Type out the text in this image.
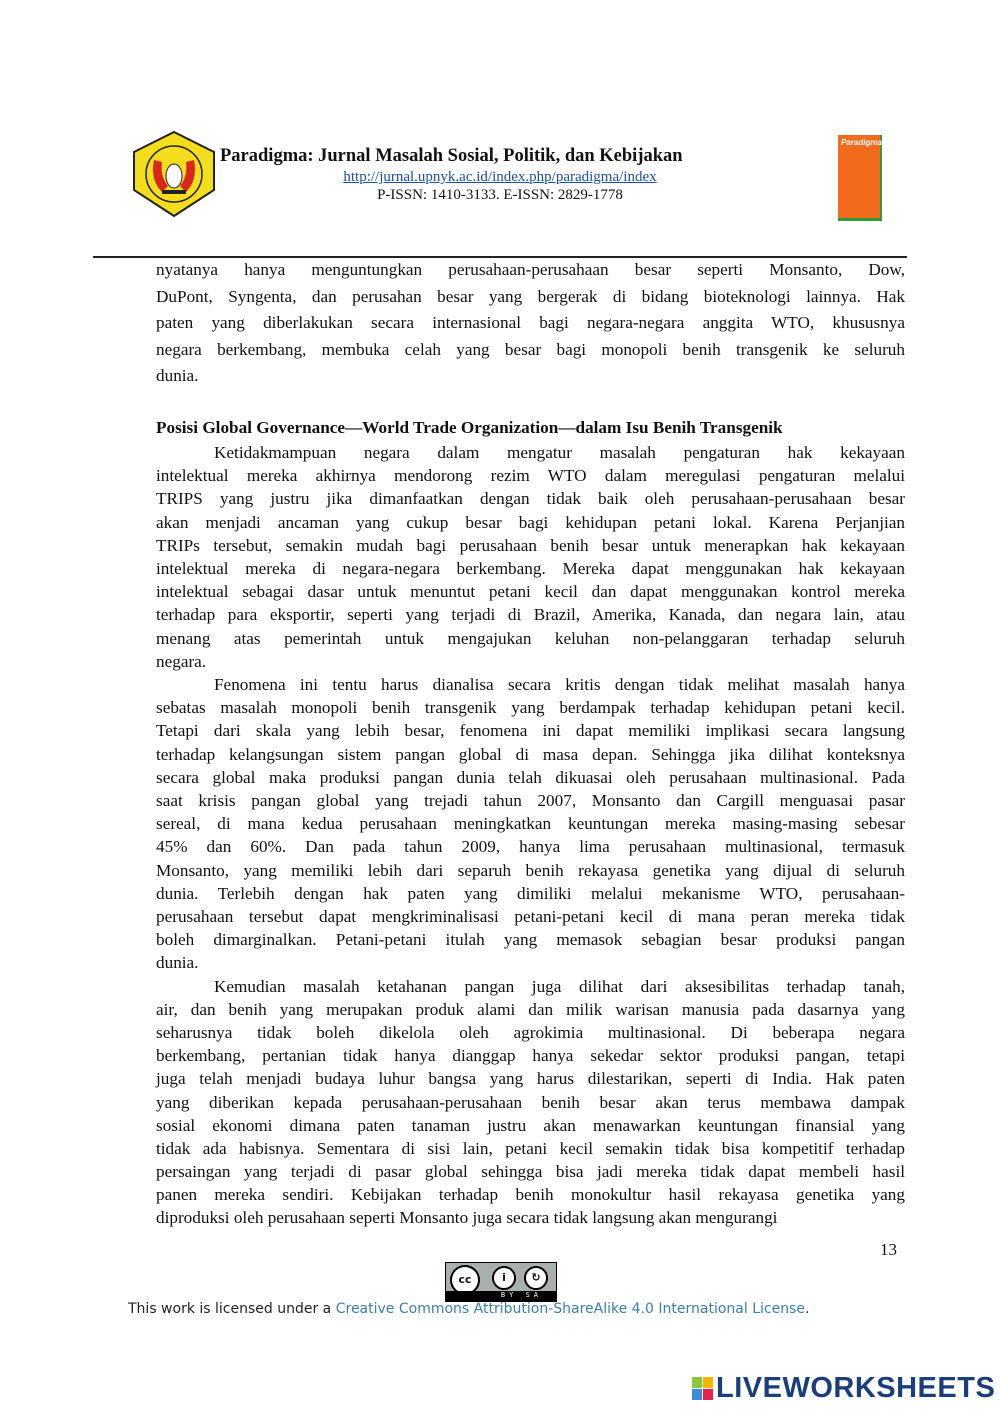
Paradigma: Jurnal Masalah Sosial, Politik, dan Kebijakan
http://jurnal.upnyk.ac.id/index.php/paradigma/index
P-ISSN: 1410-3133. E-ISSN: 2829-1778
Paradigma
nyatanya hanya menguntungkan perusahaan-perusahaan besar seperti Monsanto, Dow,
DuPont, Syngenta, dan perusahan besar yang bergerak di bidang bioteknologi lainnya. Hak
paten yang diberlakukan secara internasional bagi negara-negara anggita WTO, khususnya
negara berkembang, membuka celah yang besar bagi monopoli benih transgenik ke seluruh
dunia.
Posisi Global Governance—World Trade Organization—dalam Isu Benih Transgenik
Ketidakmampuan negara dalam mengatur masalah pengaturan hak kekayaan
intelektual mereka akhirnya mendorong rezim WTO dalam meregulasi pengaturan melalui
TRIPS yang justru jika dimanfaatkan dengan tidak baik oleh perusahaan-perusahaan besar
akan menjadi ancaman yang cukup besar bagi kehidupan petani lokal. Karena Perjanjian
TRIPs tersebut, semakin mudah bagi perusahaan benih besar untuk menerapkan hak kekayaan
intelektual mereka di negara-negara berkembang. Mereka dapat menggunakan hak kekayaan
intelektual sebagai dasar untuk menuntut petani kecil dan dapat menggunakan kontrol mereka
terhadap para eksportir, seperti yang terjadi di Brazil, Amerika, Kanada, dan negara lain, atau
menang atas pemerintah untuk mengajukan keluhan non-pelanggaran terhadap seluruh
negara.
Fenomena ini tentu harus dianalisa secara kritis dengan tidak melihat masalah hanya
sebatas masalah monopoli benih transgenik yang berdampak terhadap kehidupan petani kecil.
Tetapi dari skala yang lebih besar, fenomena ini dapat memiliki implikasi secara langsung
terhadap kelangsungan sistem pangan global di masa depan. Sehingga jika dilihat konteksnya
secara global maka produksi pangan dunia telah dikuasai oleh perusahaan multinasional. Pada
saat krisis pangan global yang trejadi tahun 2007, Monsanto dan Cargill menguasai pasar
sereal, di mana kedua perusahaan meningkatkan keuntungan mereka masing-masing sebesar
45% dan 60%. Dan pada tahun 2009, hanya lima perusahaan multinasional, termasuk
Monsanto, yang memiliki lebih dari separuh benih rekayasa genetika yang dijual di seluruh
dunia. Terlebih dengan hak paten yang dimiliki melalui mekanisme WTO, perusahaan-
perusahaan tersebut dapat mengkriminalisasi petani-petani kecil di mana peran mereka tidak
boleh dimarginalkan. Petani-petani itulah yang memasok sebagian besar produksi pangan
dunia.
Kemudian masalah ketahanan pangan juga dilihat dari aksesibilitas terhadap tanah,
air, dan benih yang merupakan produk alami dan milik warisan manusia pada dasarnya yang
seharusnya tidak boleh dikelola oleh agrokimia multinasional. Di beberapa negara
berkembang, pertanian tidak hanya dianggap hanya sekedar sektor produksi pangan, tetapi
juga telah menjadi budaya luhur bangsa yang harus dilestarikan, seperti di India. Hak paten
yang diberikan kepada perusahaan-perusahaan benih besar akan terus membawa dampak
sosial ekonomi dimana paten tanaman justru akan menawarkan keuntungan finansial yang
tidak ada habisnya. Sementara di sisi lain, petani kecil semakin tidak bisa kompetitif terhadap
persaingan yang terjadi di pasar global sehingga bisa jadi mereka tidak dapat membeli hasil
panen mereka sendiri. Kebijakan terhadap benih monokultur hasil rekayasa genetika yang
diproduksi oleh perusahaan seperti Monsanto juga secara tidak langsung akan mengurangi
13
cc	i	↻
BY SA
This work is licensed under a Creative Commons Attribution-ShareAlike 4.0 International License.
LIVEWORKSHEETS
